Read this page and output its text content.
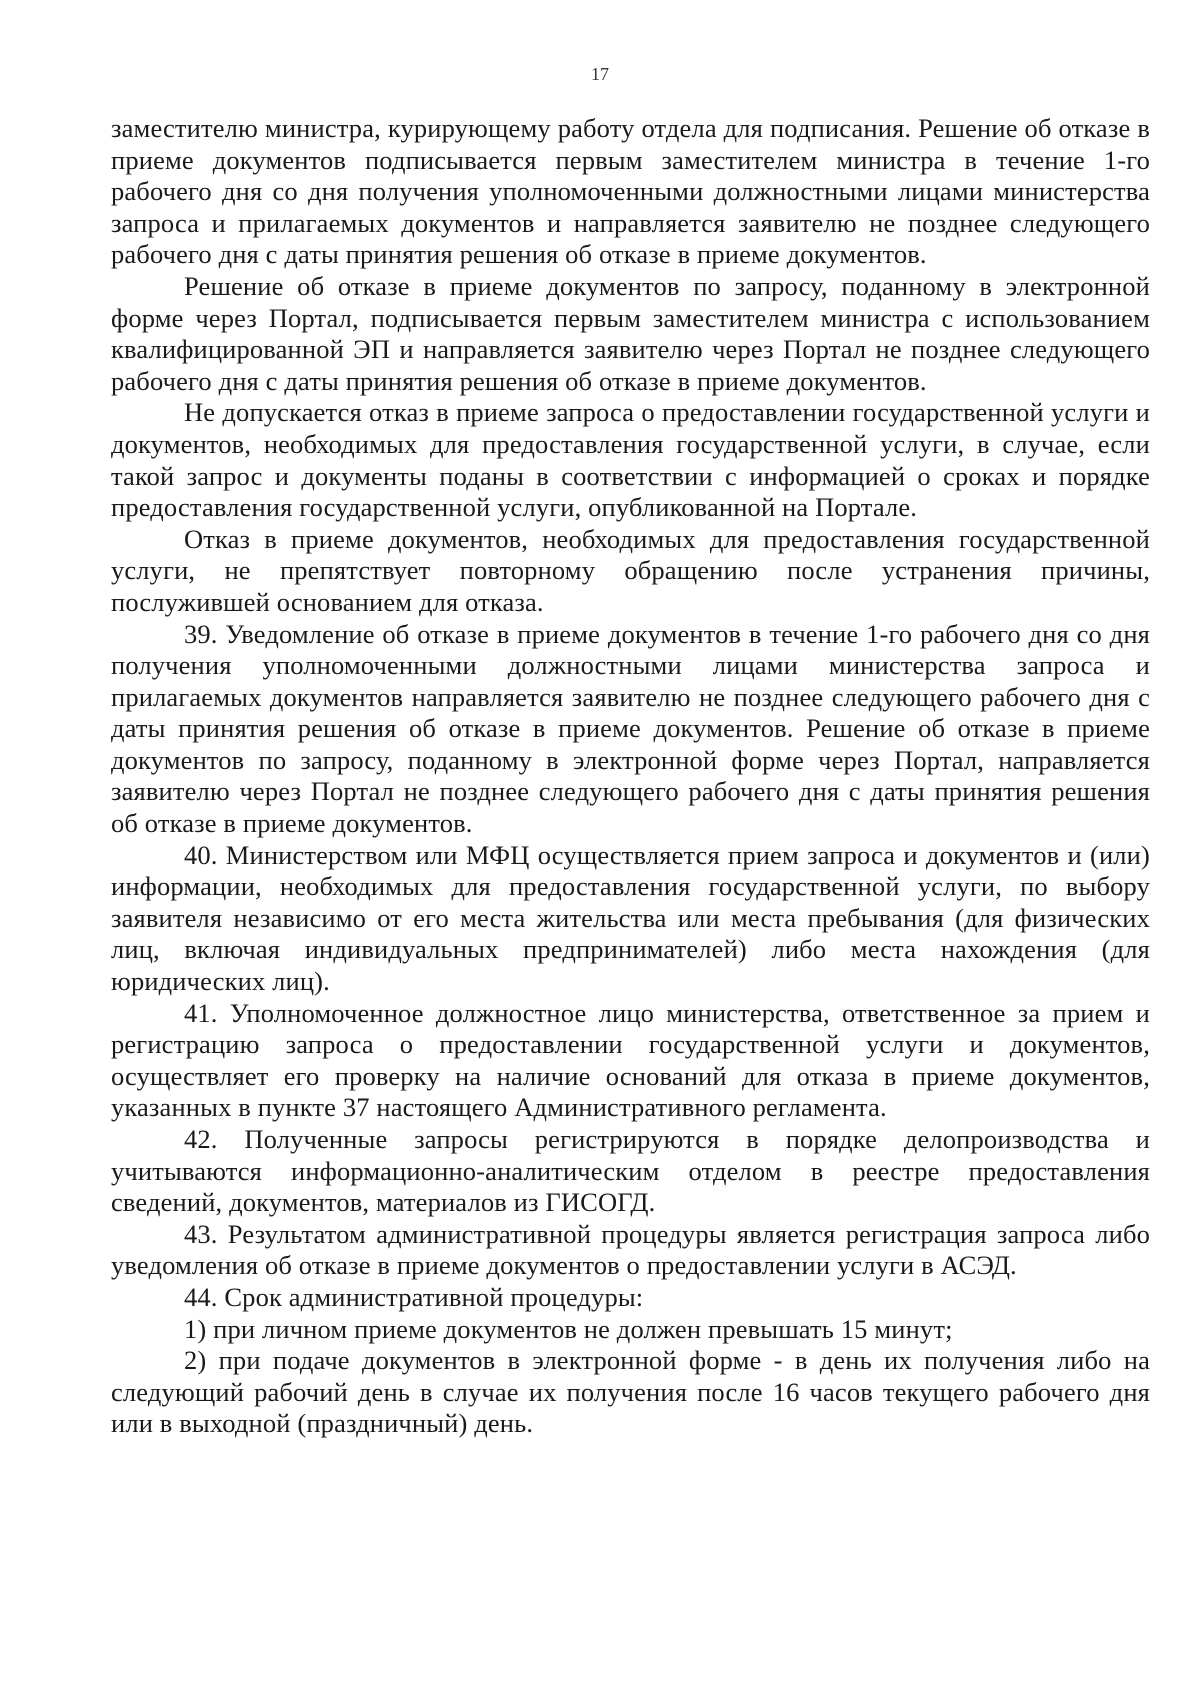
17

заместителю министра, курирующему работу отдела для подписания. Решение об отказе в приеме документов подписывается первым заместителем министра в течение 1-го рабочего дня со дня получения уполномоченными должностными лицами министерства запроса и прилагаемых документов и направляется заявителю не позднее следующего рабочего дня с даты принятия решения об отказе в приеме документов.

Решение об отказе в приеме документов по запросу, поданному в электронной форме через Портал, подписывается первым заместителем министра с использованием квалифицированной ЭП и направляется заявителю через Портал не позднее следующего рабочего дня с даты принятия решения об отказе в приеме документов.

Не допускается отказ в приеме запроса о предоставлении государственной услуги и документов, необходимых для предоставления государственной услуги, в случае, если такой запрос и документы поданы в соответствии с информацией о сроках и порядке предоставления государственной услуги, опубликованной на Портале.

Отказ в приеме документов, необходимых для предоставления государственной услуги, не препятствует повторному обращению после устранения причины, послужившей основанием для отказа.

39. Уведомление об отказе в приеме документов в течение 1-го рабочего дня со дня получения уполномоченными должностными лицами министерства запроса и прилагаемых документов направляется заявителю не позднее следующего рабочего дня с даты принятия решения об отказе в приеме документов. Решение об отказе в приеме документов по запросу, поданному в электронной форме через Портал, направляется заявителю через Портал не позднее следующего рабочего дня с даты принятия решения об отказе в приеме документов.

40. Министерством или МФЦ осуществляется прием запроса и документов и (или) информации, необходимых для предоставления государственной услуги, по выбору заявителя независимо от его места жительства или места пребывания (для физических лиц, включая индивидуальных предпринимателей) либо места нахождения (для юридических лиц).

41. Уполномоченное должностное лицо министерства, ответственное за прием и регистрацию запроса о предоставлении государственной услуги и документов, осуществляет его проверку на наличие оснований для отказа в приеме документов, указанных в пункте 37 настоящего Административного регламента.

42. Полученные запросы регистрируются в порядке делопроизводства и учитываются информационно-аналитическим отделом в реестре предоставления сведений, документов, материалов из ГИСОГД.

43. Результатом административной процедуры является регистрация запроса либо уведомления об отказе в приеме документов о предоставлении услуги в АСЭД.

44. Срок административной процедуры:

1) при личном приеме документов не должен превышать 15 минут;

2) при подаче документов в электронной форме - в день их получения либо на следующий рабочий день в случае их получения после 16 часов текущего рабочего дня или в выходной (праздничный) день.
